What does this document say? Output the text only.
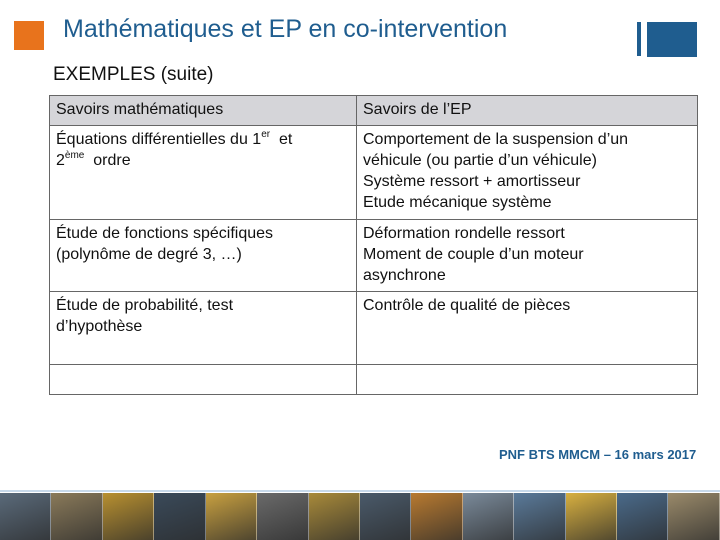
Mathématiques et EP en co-intervention
EXEMPLES (suite)
Savoirs mathématiques	Savoirs de l’EP

Équations différentielles du 1er et
2ème ordre	Comportement de la suspension d’un
véhicule (ou partie d’un véhicule)
Système ressort + amortisseur
Etude mécanique système

Étude de fonctions spécifiques
(polynôme de degré 3, …)	Déformation rondelle ressort
Moment de couple d’un moteur
asynchrone

Étude de probabilité, test
d’hypothèse	Contrôle de qualité de pièces

PNF BTS MMCM – 16 mars 2017
